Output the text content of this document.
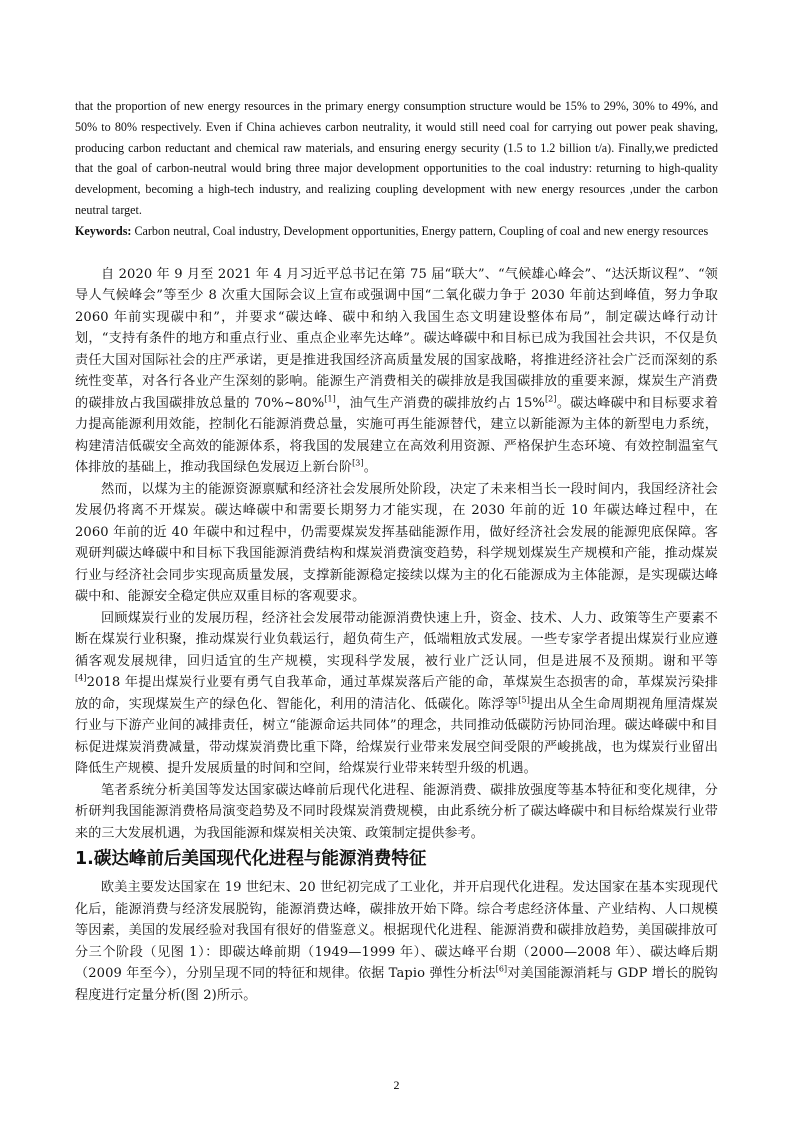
that the proportion of new energy resources in the primary energy consumption structure would be 15% to 29%, 30% to 49%, and 50% to 80% respectively. Even if China achieves carbon neutrality, it would still need coal for carrying out power peak shaving, producing carbon reductant and chemical raw materials, and ensuring energy security (1.5 to 1.2 billion t/a). Finally,we predicted that the goal of carbon-neutral would bring three major development opportunities to the coal industry: returning to high-quality development, becoming a high-tech industry, and realizing coupling development with new energy resources ,under the carbon neutral target.

Keywords: Carbon neutral, Coal industry, Development opportunities, Energy pattern, Coupling of coal and new energy resources

自 2020 年 9 月至 2021 年 4 月习近平总书记在第 75 届“联大”、“气候雄心峰会”、“达沃斯议程”、“领导人气候峰会”等至少 8 次重大国际会议上宣布或强调中国“二氧化碳力争于 2030 年前达到峰值，努力争取 2060 年前实现碳中和”，并要求“碳达峰、碳中和纳入我国生态文明建设整体布局”，制定碳达峰行动计划，“支持有条件的地方和重点行业、重点企业率先达峰”。碳达峰碳中和目标已成为我国社会共识，不仅是负责任大国对国际社会的庄严承诺，更是推进我国经济高质量发展的国家战略，将推进经济社会广泛而深刻的系统性变革，对各行各业产生深刻的影响。能源生产消费相关的碳排放是我国碳排放的重要来源，煤炭生产消费的碳排放占我国碳排放总量的 70%~80%[1]，油气生产消费的碳排放约占 15%[2]。碳达峰碳中和目标要求着力提高能源利用效能，控制化石能源消费总量，实施可再生能源替代，建立以新能源为主体的新型电力系统，构建清洁低碳安全高效的能源体系，将我国的发展建立在高效利用资源、严格保护生态环境、有效控制温室气体排放的基础上，推动我国绿色发展迈上新台阶[3]。

然而，以煤为主的能源资源禀赋和经济社会发展所处阶段，决定了未来相当长一段时间内，我国经济社会发展仍将离不开煤炭。碳达峰碳中和需要长期努力才能实现，在 2030 年前的近 10 年碳达峰过程中，在 2060 年前的近 40 年碳中和过程中，仍需要煤炭发挥基础能源作用，做好经济社会发展的能源兜底保障。客观研判碳达峰碳中和目标下我国能源消费结构和煤炭消费演变趋势，科学规划煤炭生产规模和产能，推动煤炭行业与经济社会同步实现高质量发展，支撑新能源稳定接续以煤为主的化石能源成为主体能源，是实现碳达峰碳中和、能源安全稳定供应双重目标的客观要求。

回顾煤炭行业的发展历程，经济社会发展带动能源消费快速上升，资金、技术、人力、政策等生产要素不断在煤炭行业积聚，推动煤炭行业负载运行，超负荷生产，低端粗放式发展。一些专家学者提出煤炭行业应遵循客观发展规律，回归适宜的生产规模，实现科学发展，被行业广泛认同，但是进展不及预期。谢和平等[4]2018 年提出煤炭行业要有勇气自我革命，通过革煤炭落后产能的命，革煤炭生态损害的命，革煤炭污染排放的命，实现煤炭生产的绿色化、智能化，利用的清洁化、低碳化。陈浮等[5]提出从全生命周期视角厘清煤炭行业与下游产业间的减排责任，树立“能源命运共同体”的理念，共同推动低碳防污协同治理。碳达峰碳中和目标促进煤炭消费减量，带动煤炭消费比重下降，给煤炭行业带来发展空间受限的严峻挑战，也为煤炭行业留出降低生产规模、提升发展质量的时间和空间，给煤炭行业带来转型升级的机遇。

笔者系统分析美国等发达国家碳达峰前后现代化进程、能源消费、碳排放强度等基本特征和变化规律，分析研判我国能源消费格局演变趋势及不同时段煤炭消费规模，由此系统分析了碳达峰碳中和目标给煤炭行业带来的三大发展机遇，为我国能源和煤炭相关决策、政策制定提供参考。

1.碳达峰前后美国现代化进程与能源消费特征

欧美主要发达国家在 19 世纪末、20 世纪初完成了工业化，并开启现代化进程。发达国家在基本实现现代化后，能源消费与经济发展脱钩，能源消费达峰，碳排放开始下降。综合考虑经济体量、产业结构、人口规模等因素，美国的发展经验对我国有很好的借鉴意义。根据现代化进程、能源消费和碳排放趋势，美国碳排放可分三个阶段（见图 1）：即碳达峰前期（1949—1999 年）、碳达峰平台期（2000—2008 年）、碳达峰后期（2009 年至今），分别呈现不同的特征和规律。依据 Tapio 弹性分析法[6]对美国能源消耗与 GDP 增长的脱钩程度进行定量分析(图 2)所示。

2
